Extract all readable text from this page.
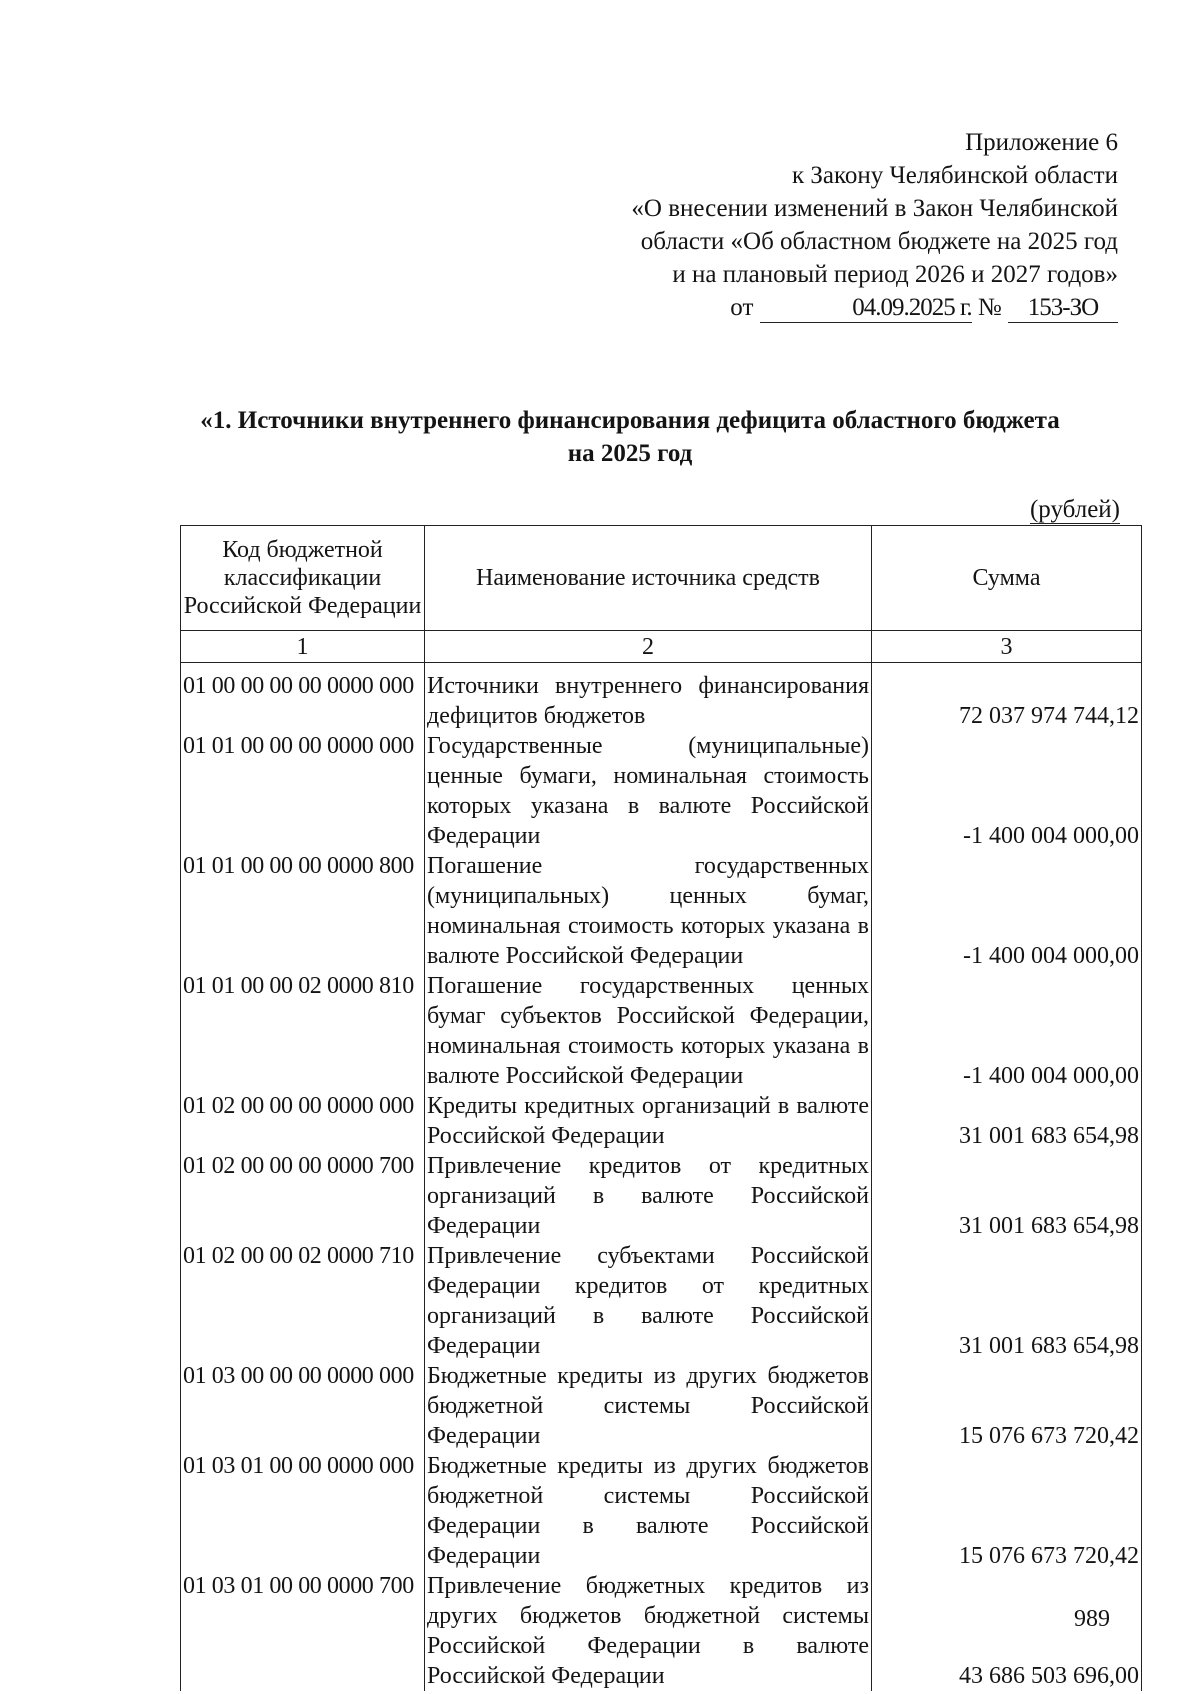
Приложение 6
к Закону Челябинской области
«О внесении изменений в Закон Челябинской
области «Об областном бюджете на 2025 год
и на плановый период 2026 и 2027 годов»
от	04.09.2025 г. № 153-ЗО
«1. Источники внутреннего финансирования дефицита областного бюджета
на 2025 год
(рублей)
Код бюджетной классификации Российской Федерации	Наименование источника средств	Сумма
1	2	3

01 00 00 00 00 0000 000	Источники внутреннего финансирования дефицитов бюджетов	72 037 974 744,12
01 01 00 00 00 0000 000	Государственные (муниципальные) ценные бумаги, номинальная стоимость которых указана в валюте Российской Федерации	-1 400 004 000,00
01 01 00 00 00 0000 800	Погашение государственных (муниципальных) ценных бумаг, номинальная стоимость которых указана в валюте Российской Федерации	-1 400 004 000,00
01 01 00 00 02 0000 810	Погашение государственных ценных бумаг субъектов Российской Федерации, номинальная стоимость которых указана в валюте Российской Федерации	-1 400 004 000,00
01 02 00 00 00 0000 000	Кредиты кредитных организаций в валюте Российской Федерации	31 001 683 654,98
01 02 00 00 00 0000 700	Привлечение кредитов от кредитных организаций в валюте Российской Федерации	31 001 683 654,98
01 02 00 00 02 0000 710	Привлечение субъектами Российской Федерации кредитов от кредитных организаций в валюте Российской Федерации	31 001 683 654,98
01 03 00 00 00 0000 000	Бюджетные кредиты из других бюджетов бюджетной системы Российской Федерации	15 076 673 720,42
01 03 01 00 00 0000 000	Бюджетные кредиты из других бюджетов бюджетной системы Российской Федерации в валюте Российской Федерации	15 076 673 720,42
01 03 01 00 00 0000 700	Привлечение бюджетных кредитов из других бюджетов бюджетной системы Российской Федерации в валюте Российской Федерации	43 686 503 696,00
989
